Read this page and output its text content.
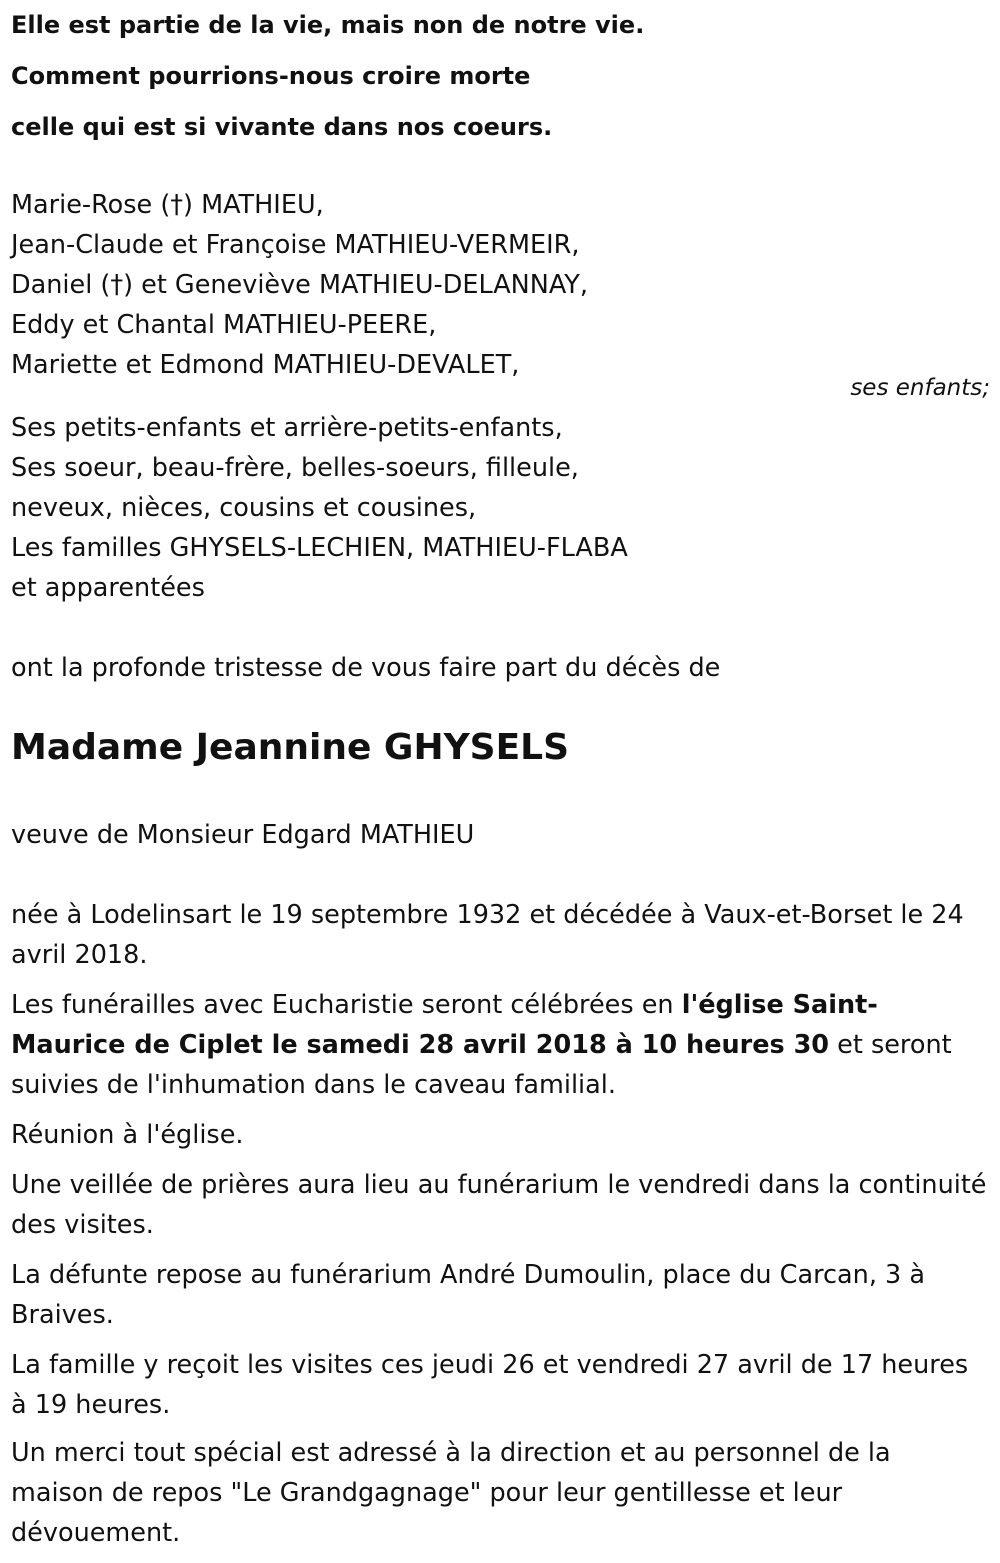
Elle est partie de la vie, mais non de notre vie.

Comment pourrions-nous croire morte

celle qui est si vivante dans nos coeurs.

Marie-Rose (†) MATHIEU,
Jean-Claude et Françoise MATHIEU-VERMEIR,
Daniel (†) et Geneviève MATHIEU-DELANNAY,
Eddy et Chantal MATHIEU-PEERE,
Mariette et Edmond MATHIEU-DEVALET,
ses enfants;
Ses petits-enfants et arrière-petits-enfants,
Ses soeur, beau-frère, belles-soeurs, filleule,
neveux, nièces, cousins et cousines,
Les familles GHYSELS-LECHIEN, MATHIEU-FLABA
et apparentées
ont la profonde tristesse de vous faire part du décès de
Madame Jeannine GHYSELS
veuve de Monsieur Edgard MATHIEU

née à Lodelinsart le 19 septembre 1932 et décédée à Vaux-et-Borset le 24 avril 2018.

Les funérailles avec Eucharistie seront célébrées en l'église Saint-Maurice de Ciplet le samedi 28 avril 2018 à 10 heures 30 et seront suivies de l'inhumation dans le caveau familial.

Réunion à l'église.

Une veillée de prières aura lieu au funérarium le vendredi dans la continuité des visites.

La défunte repose au funérarium André Dumoulin, place du Carcan, 3 à Braives.

La famille y reçoit les visites ces jeudi 26 et vendredi 27 avril de 17 heures à 19 heures.

Un merci tout spécial est adressé à la direction et au personnel de la maison de repos "Le Grandgagnage" pour leur gentillesse et leur dévouement.
